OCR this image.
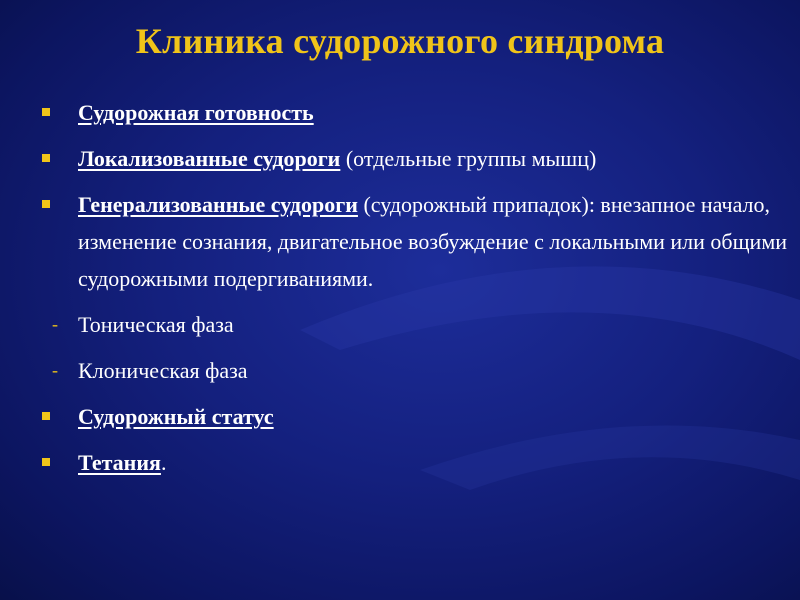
Клиника судорожного синдрома
Судорожная готовность
Локализованные судороги (отдельные группы мышц)
Генерализованные судороги (судорожный припадок): внезапное начало, изменение сознания, двигательное возбуждение с локальными или общими судорожными подергиваниями.
- Тоническая фаза
- Клоническая фаза
Судорожный статус
Тетания.
